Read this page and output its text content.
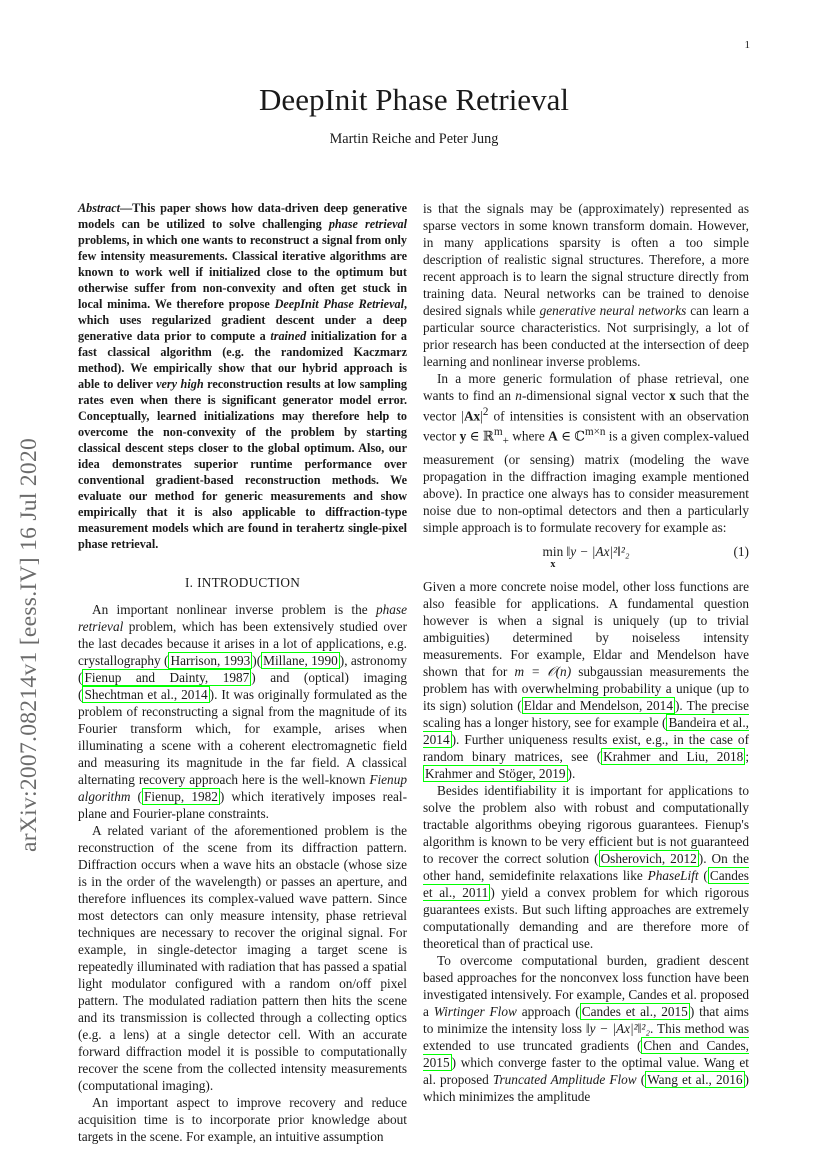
1
arXiv:2007.08214v1 [eess.IV] 16 Jul 2020
DeepInit Phase Retrieval
Martin Reiche and Peter Jung

Abstract—This paper shows how data-driven deep generative models can be utilized to solve challenging phase retrieval problems, in which one wants to reconstruct a signal from only few intensity measurements. Classical iterative algorithms are known to work well if initialized close to the optimum but otherwise suffer from non-convexity and often get stuck in local minima. We therefore propose DeepInit Phase Retrieval, which uses regularized gradient descent under a deep generative data prior to compute a trained initialization for a fast classical algorithm (e.g. the randomized Kaczmarz method). We empirically show that our hybrid approach is able to deliver very high reconstruction results at low sampling rates even when there is significant generator model error. Conceptually, learned initializations may therefore help to overcome the non-convexity of the problem by starting classical descent steps closer to the global optimum. Also, our idea demonstrates superior runtime performance over conventional gradient-based reconstruction methods. We evaluate our method for generic measurements and show empirically that it is also applicable to diffraction-type measurement models which are found in terahertz single-pixel phase retrieval.

I. INTRODUCTION

An important nonlinear inverse problem is the phase retrieval problem, which has been extensively studied over the last decades because it arises in a lot of applications, e.g. crystallography ( Harrison, 1993 )( Millane, 1990 ), astronomy ( Fienup and Dainty, 1987 ) and (optical) imaging ( Shechtman et al., 2014 ). It was originally formulated as the problem of reconstructing a signal from the magnitude of its Fourier transform which, for example, arises when illuminating a scene with a coherent electromagnetic field and measuring its magnitude in the far field. A classical alternating recovery approach here is the well-known Fienup algorithm ( Fienup, 1982 ) which iteratively imposes real-plane and Fourier-plane constraints.

A related variant of the aforementioned problem is the reconstruction of the scene from its diffraction pattern. Diffraction occurs when a wave hits an obstacle (whose size is in the order of the wavelength) or passes an aperture, and therefore influences its complex-valued wave pattern. Since most detectors can only measure intensity, phase retrieval techniques are necessary to recover the original signal. For example, in single-detector imaging a target scene is repeatedly illuminated with radiation that has passed a spatial light modulator configured with a random on/off pixel pattern. The modulated radiation pattern then hits the scene and its transmission is collected through a collecting optics (e.g. a lens) at a single detector cell. With an accurate forward diffraction model it is possible to computationally recover the scene from the collected intensity measurements (computational imaging).

An important aspect to improve recovery and reduce acquisition time is to incorporate prior knowledge about targets in the scene. For example, an intuitive assumption

is that the signals may be (approximately) represented as sparse vectors in some known transform domain. However, in many applications sparsity is often a too simple description of realistic signal structures. Therefore, a more recent approach is to learn the signal structure directly from training data. Neural networks can be trained to denoise desired signals while generative neural networks can learn a particular source characteristics. Not surprisingly, a lot of prior research has been conducted at the intersection of deep learning and nonlinear inverse problems.

In a more generic formulation of phase retrieval, one wants to find an n-dimensional signal vector x such that the vector $|Ax|^2$ of intensities is consistent with an observation vector y ∈ ℝ$^m_+$ where A ∈ ℂ$^{m\times n}$ is a given complex-valued measurement (or sensing) matrix (modeling the wave propagation in the diffraction imaging example mentioned above). In practice one always has to consider measurement noise due to non-optimal detectors and then a particularly simple approach is to formulate recovery for example as:

min
x
‖y − |Ax|²‖²₂	(1)

Given a more concrete noise model, other loss functions are also feasible for applications. A fundamental question however is when a signal is uniquely (up to trivial ambiguities) determined by noiseless intensity measurements. For example, Eldar and Mendelson have shown that for m = 𝒪(n) subgaussian measurements the problem has with overwhelming probability a unique (up to its sign) solution ( Eldar and Mendelson, 2014 ). The precise scaling has a longer history, see for example ( Bandeira et al., 2014 ). Further uniqueness results exist, e.g., in the case of random binary matrices, see ( Krahmer and Liu, 2018 ; Krahmer and Stöger, 2019 ).

Besides identifiability it is important for applications to solve the problem also with robust and computationally tractable algorithms obeying rigorous guarantees. Fienup's algorithm is known to be very efficient but is not guaranteed to recover the correct solution ( Osherovich, 2012 ). On the other hand, semidefinite relaxations like PhaseLift ( Candes et al., 2011 ) yield a convex problem for which rigorous guarantees exists. But such lifting approaches are extremely computationally demanding and are therefore more of theoretical than of practical use.

To overcome computational burden, gradient descent based approaches for the nonconvex loss function have been investigated intensively. For example, Candes et al. proposed a Wirtinger Flow approach ( Candes et al., 2015 ) that aims to minimize the intensity loss ‖y − |Ax|²‖²₂. This method was extended to use truncated gradients ( Chen and Candes, 2015 ) which converge faster to the optimal value. Wang et al. proposed Truncated Amplitude Flow ( Wang et al., 2016 ) which minimizes the amplitude
